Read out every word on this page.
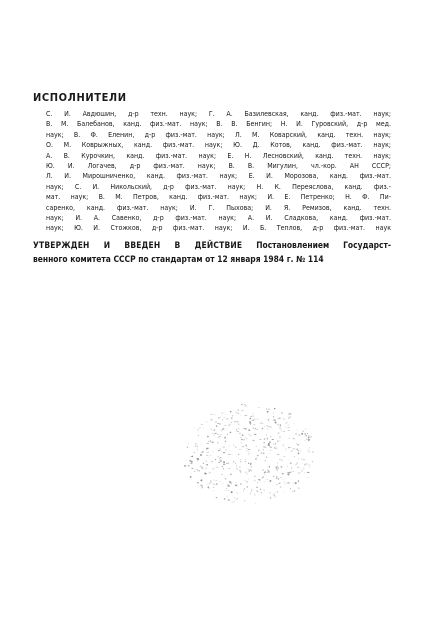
ИСПОЛНИТЕЛИ
С. И. Авдюшин, д-р техн. наук; Г. А. Базилевская, канд. физ.-мат. наук;
В. М. Балебанов, канд. физ.-мат. наук; В. В. Бенгин; Н. И. Гуровский, д-р мед.
наук; В. Ф. Еленин, д-р физ.-мат. наук; Л. М. Коварский, канд. техн. наук;
О. М. Коврыжных, канд. физ.-мат. наук; Ю. Д. Котов, канд. физ.-мат. наук;
А. В. Курочкин, канд. физ.-мат. наук; Е. Н. Лесновский, канд. техн. наук;
Ю. И. Логачев, д-р физ.-мат. наук; В. В. Мигулин, чл.-кор. АН СССР;
Л. И. Мирошниченко, канд. физ.-мат. наук; Е. И. Морозова, канд. физ.-мат.
наук; С. И. Никольский, д-р физ.-мат. наук; Н. К. Переяслова, канд. физ.-
мат. наук; В. М. Петров, канд. физ.-мат. наук; И. Е. Петренко; Н. Ф. Пи-
саренко, канд. физ.-мат. наук; И. Г. Пыхова; И. Я. Ремизов, канд. техн.
наук; И. А. Савенко, д-р физ.-мат. наук; А. И. Сладкова, канд. физ.-мат.
наук; Ю. И. Стожков, д-р физ.-мат. наук; И. Б. Теплов, д-р физ.-мат. наук
УТВЕРЖДЕН И ВВЕДЕН В ДЕЙСТВИЕ Постановлением Государст-
венного комитета СССР по стандартам от 12 января 1984 г. № 114
